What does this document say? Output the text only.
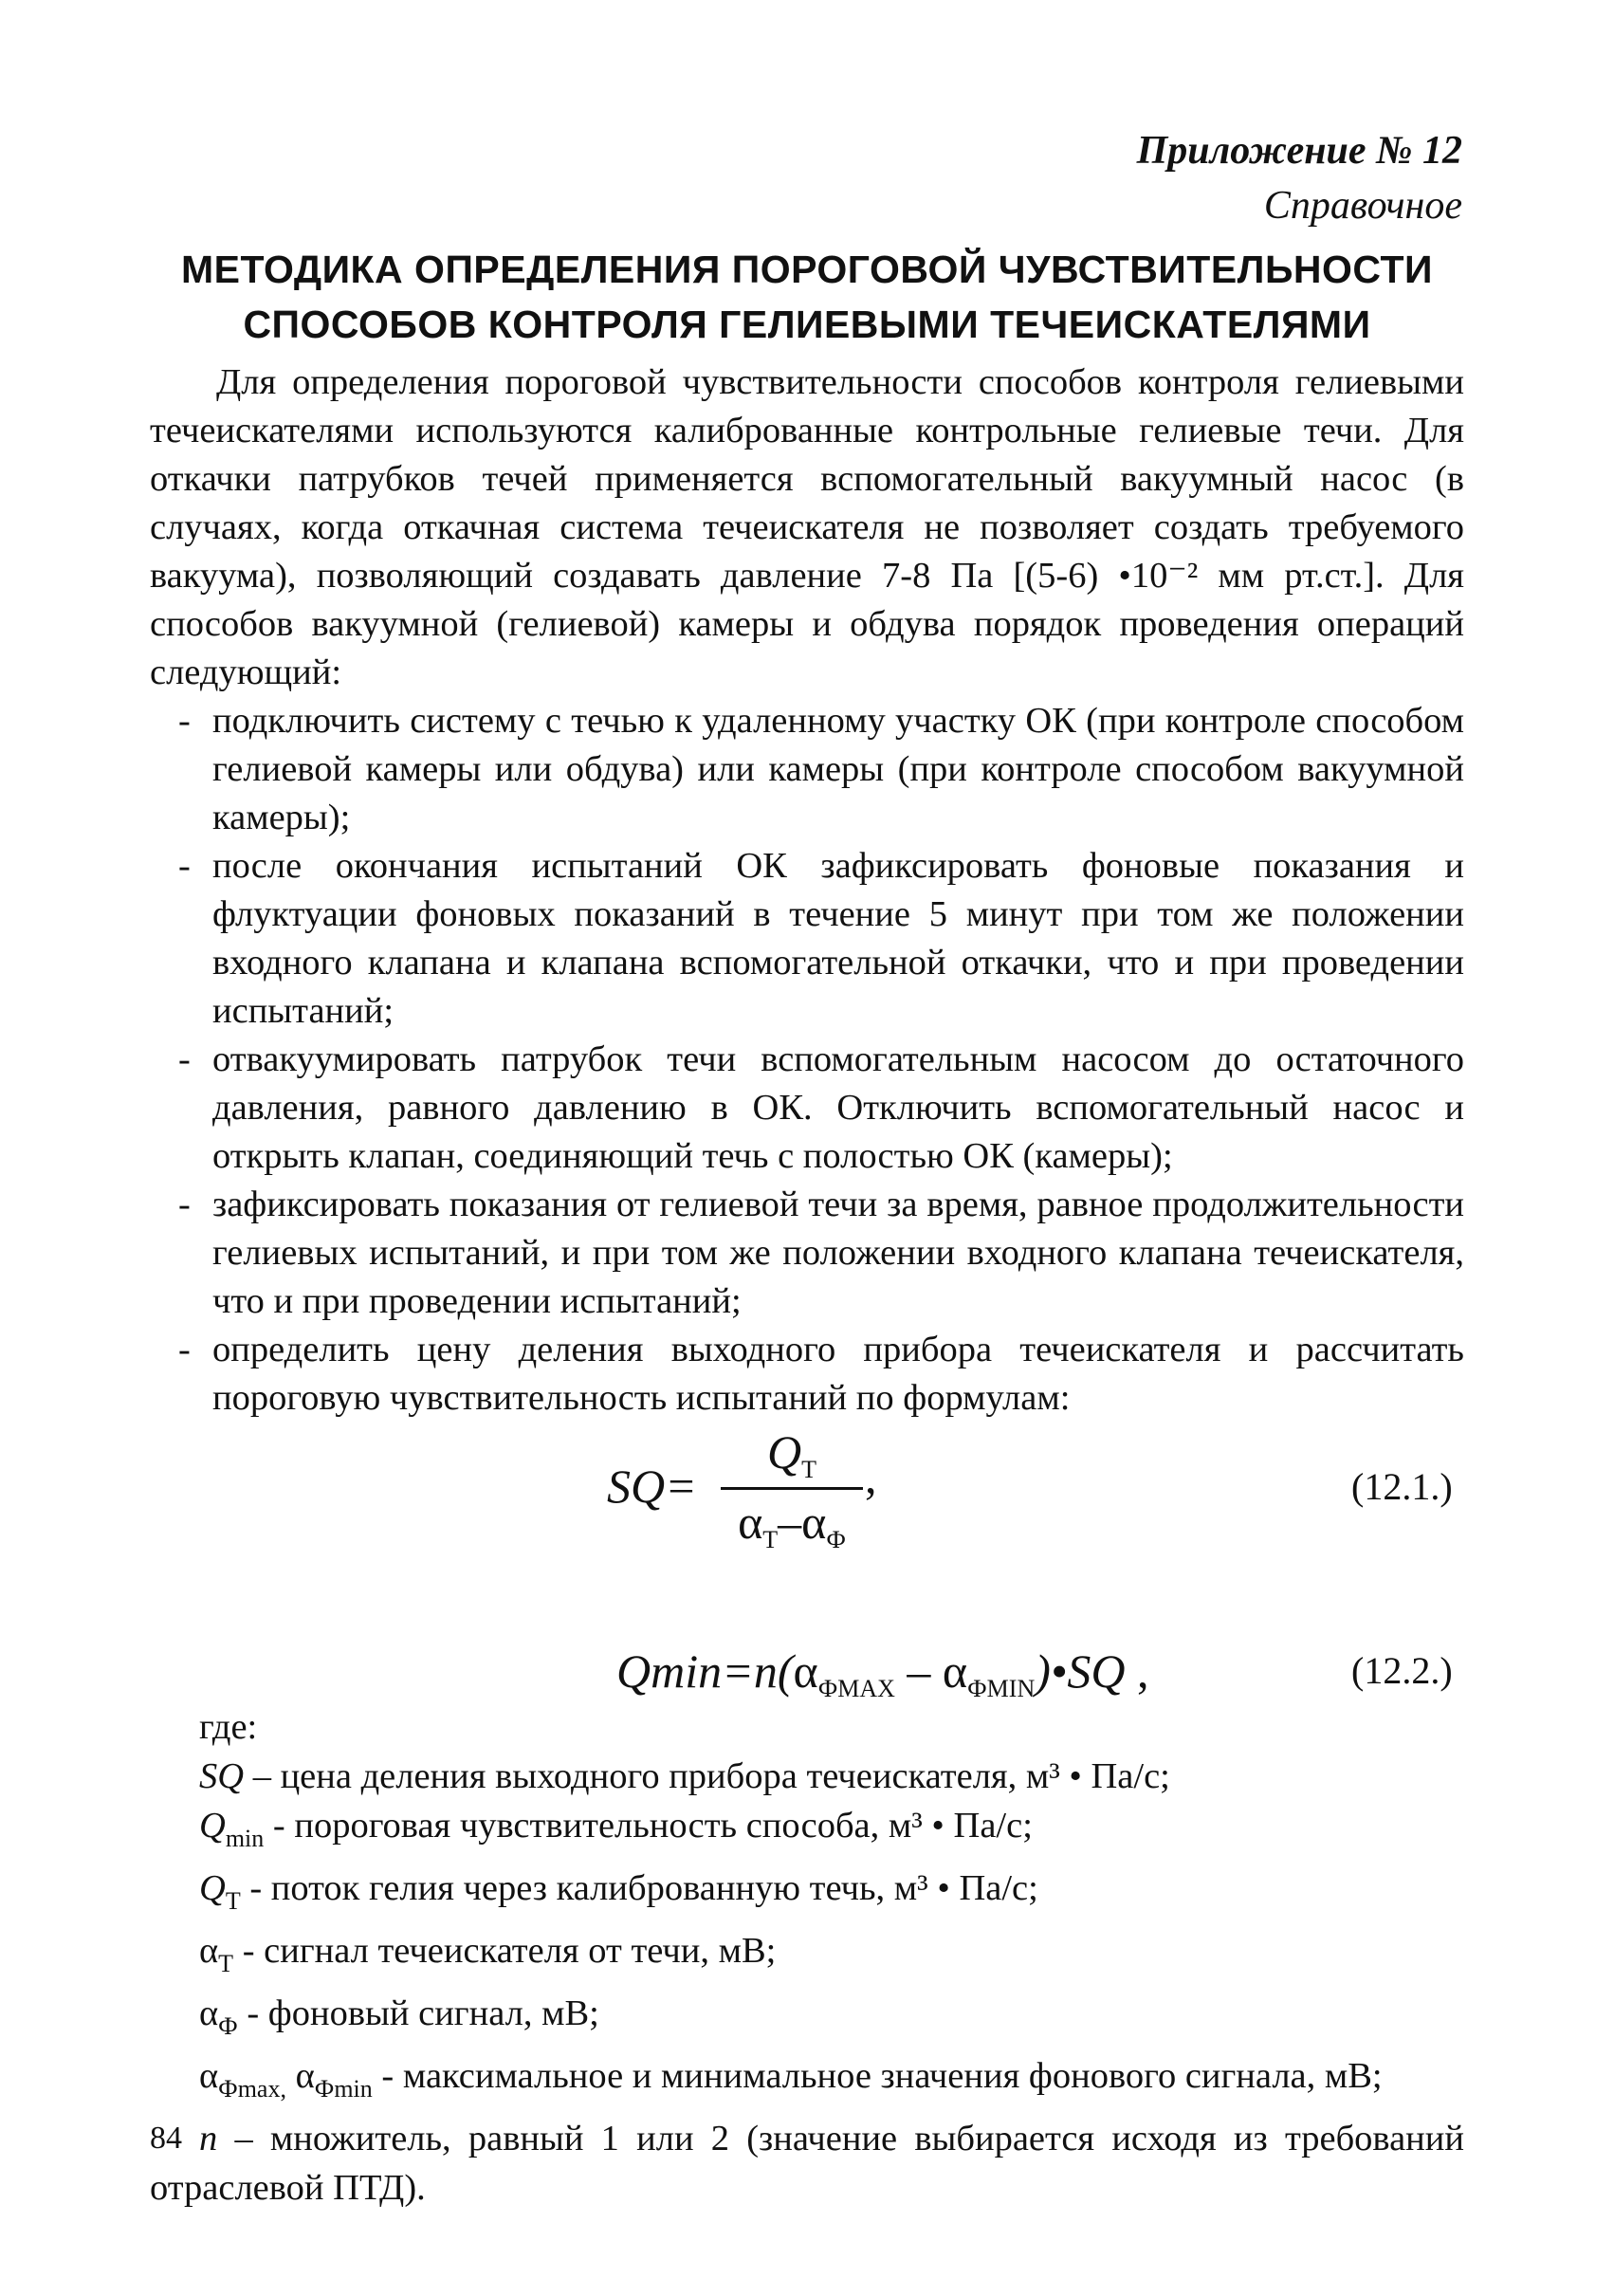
Приложение № 12
Справочное
МЕТОДИКА ОПРЕДЕЛЕНИЯ ПОРОГОВОЙ ЧУВСТВИТЕЛЬНОСТИ
СПОСОБОВ КОНТРОЛЯ ГЕЛИЕВЫМИ ТЕЧЕИСКАТЕЛЯМИ

Для определения пороговой чувствительности способов контроля гелиевыми течеискателями используются калиброванные контрольные гелиевые течи. Для откачки патрубков течей применяется вспомогательный вакуумный насос (в случаях, когда откачная система течеискателя не позволяет создать требуемого вакуума), позволяющий создавать давление 7-8 Па [(5-6) •10⁻² мм рт.ст.]. Для способов вакуумной (гелиевой) камеры и обдува порядок проведения операций следующий:

- подключить систему с течью к удаленному участку ОК (при контроле способом гелиевой камеры или обдува) или камеры (при контроле способом вакуумной камеры);
- после окончания испытаний ОК зафиксировать фоновые показания и флуктуации фоновых показаний в течение 5 минут при том же положении входного клапана и клапана вспомогательной откачки, что и при проведении испытаний;
- отвакуумировать патрубок течи вспомогательным насосом до остаточного давления, равного давлению в ОК. Отключить вспомогательный насос и открыть клапан, соединяющий течь с полостью ОК (камеры);
- зафиксировать показания от гелиевой течи за время, равное продолжительности гелиевых испытаний, и при том же положении входного клапана течеискателя, что и при проведении испытаний;
- определить цену деления выходного прибора течеискателя и рассчитать пороговую чувствительность испытаний по формулам:
SQ=
$Q_Т$
$\alpha_Т-\alpha_Ф$
,	(12.1.)
$Qmin=n(\alpha_{ФMAX}$ – $\alpha_{ФMIN})•SQ$ ,	(12.2.)
где:
SQ – цена деления выходного прибора течеискателя, м³ • Па/с;
$Q_{min}$ - пороговая чувствительность способа, м³ • Па/с;
$Q_Т$ - поток гелия через калиброванную течь, м³ • Па/с;
$\alpha_Т$ - сигнал течеискателя от течи, мВ;
$\alpha_Ф$ - фоновый сигнал, мВ;
$\alpha_{Фmax,}$ $\alpha_{Фmin}$ - максимальное и минимальное значения фонового сигнала, мВ;
n – множитель, равный 1 или 2 (значение выбирается исходя из требований отраслевой ПТД).
84
